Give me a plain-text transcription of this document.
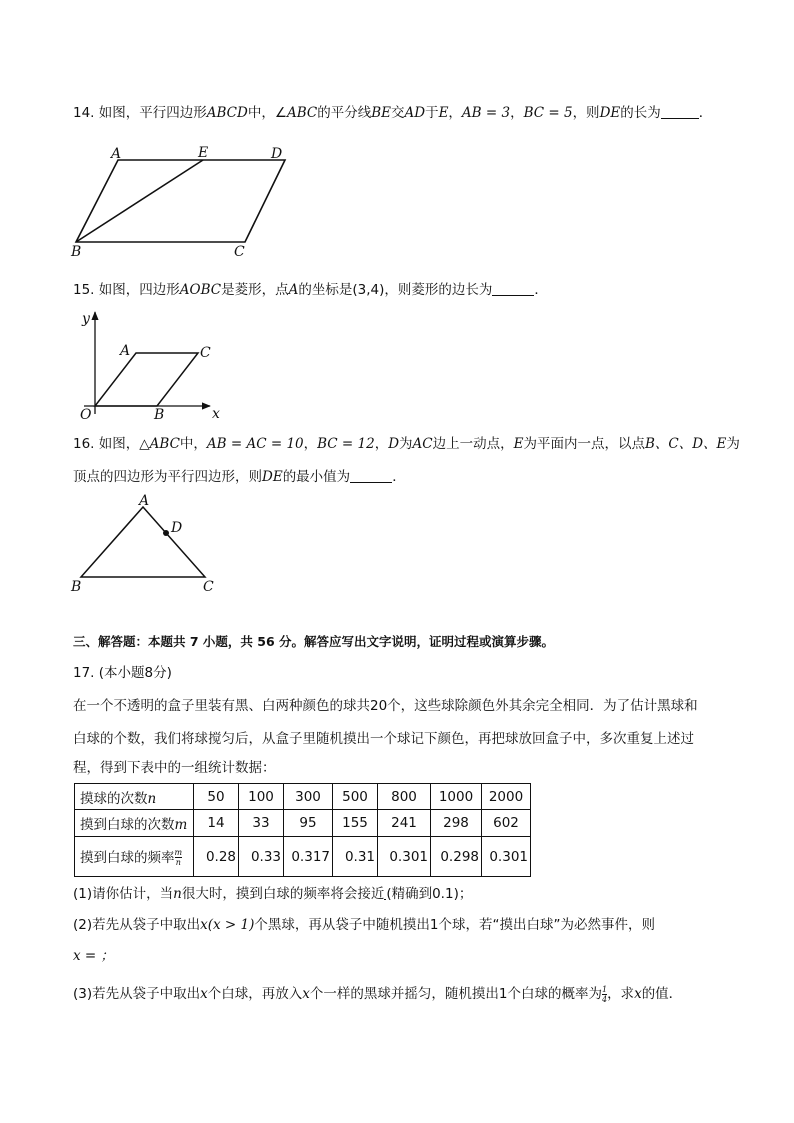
14. 如图，平行四边形ABCD中，∠ABC的平分线BE交AD于E，AB = 3，BC = 5，则DE的长为	．
A	E	D
B	C
15. 如图，四边形AOBC是菱形，点A的坐标是(3,4)，则菱形的边长为	．
y
A	C
O	B	x
16. 如图，△ABC中，AB = AC = 10，BC = 12，D为AC边上一动点，E为平面内一点，以点B、C、D、E为
顶点的四边形为平行四边形，则DE的最小值为	．
A
D
B	C
三、解答题：本题共 7 小题，共 56 分。解答应写出文字说明，证明过程或演算步骤。
17. (本小题8分)
在一个不透明的盒子里装有黑、白两种颜色的球共20个，这些球除颜色外其余完全相同．为了估计黑球和
白球的个数，我们将球搅匀后，从盒子里随机摸出一个球记下颜色，再把球放回盒子中，多次重复上述过
程，得到下表中的一组统计数据：
摸球的次数n	50	100	300	500	800	1000	2000
摸到白球的次数m	14	33	95	155	241	298	602
摸到白球的频率 $\frac{m}{n}$	0.28	0.33	0.317	0.31	0.301	0.298	0.301
(1)请你估计，当n很大时，摸到白球的频率将会接近 (精确到0.1)；
(2)若先从袋子中取出x(x > 1)个黑球，再从袋子中随机摸出1个球，若“摸出白球”为必然事件，则
x = ；
(3)若先从袋子中取出x个白球，再放入x个一样的黑球并摇匀，随机摸出1个白球的概率为 $\frac{1}{4}$ ，求x的值．
